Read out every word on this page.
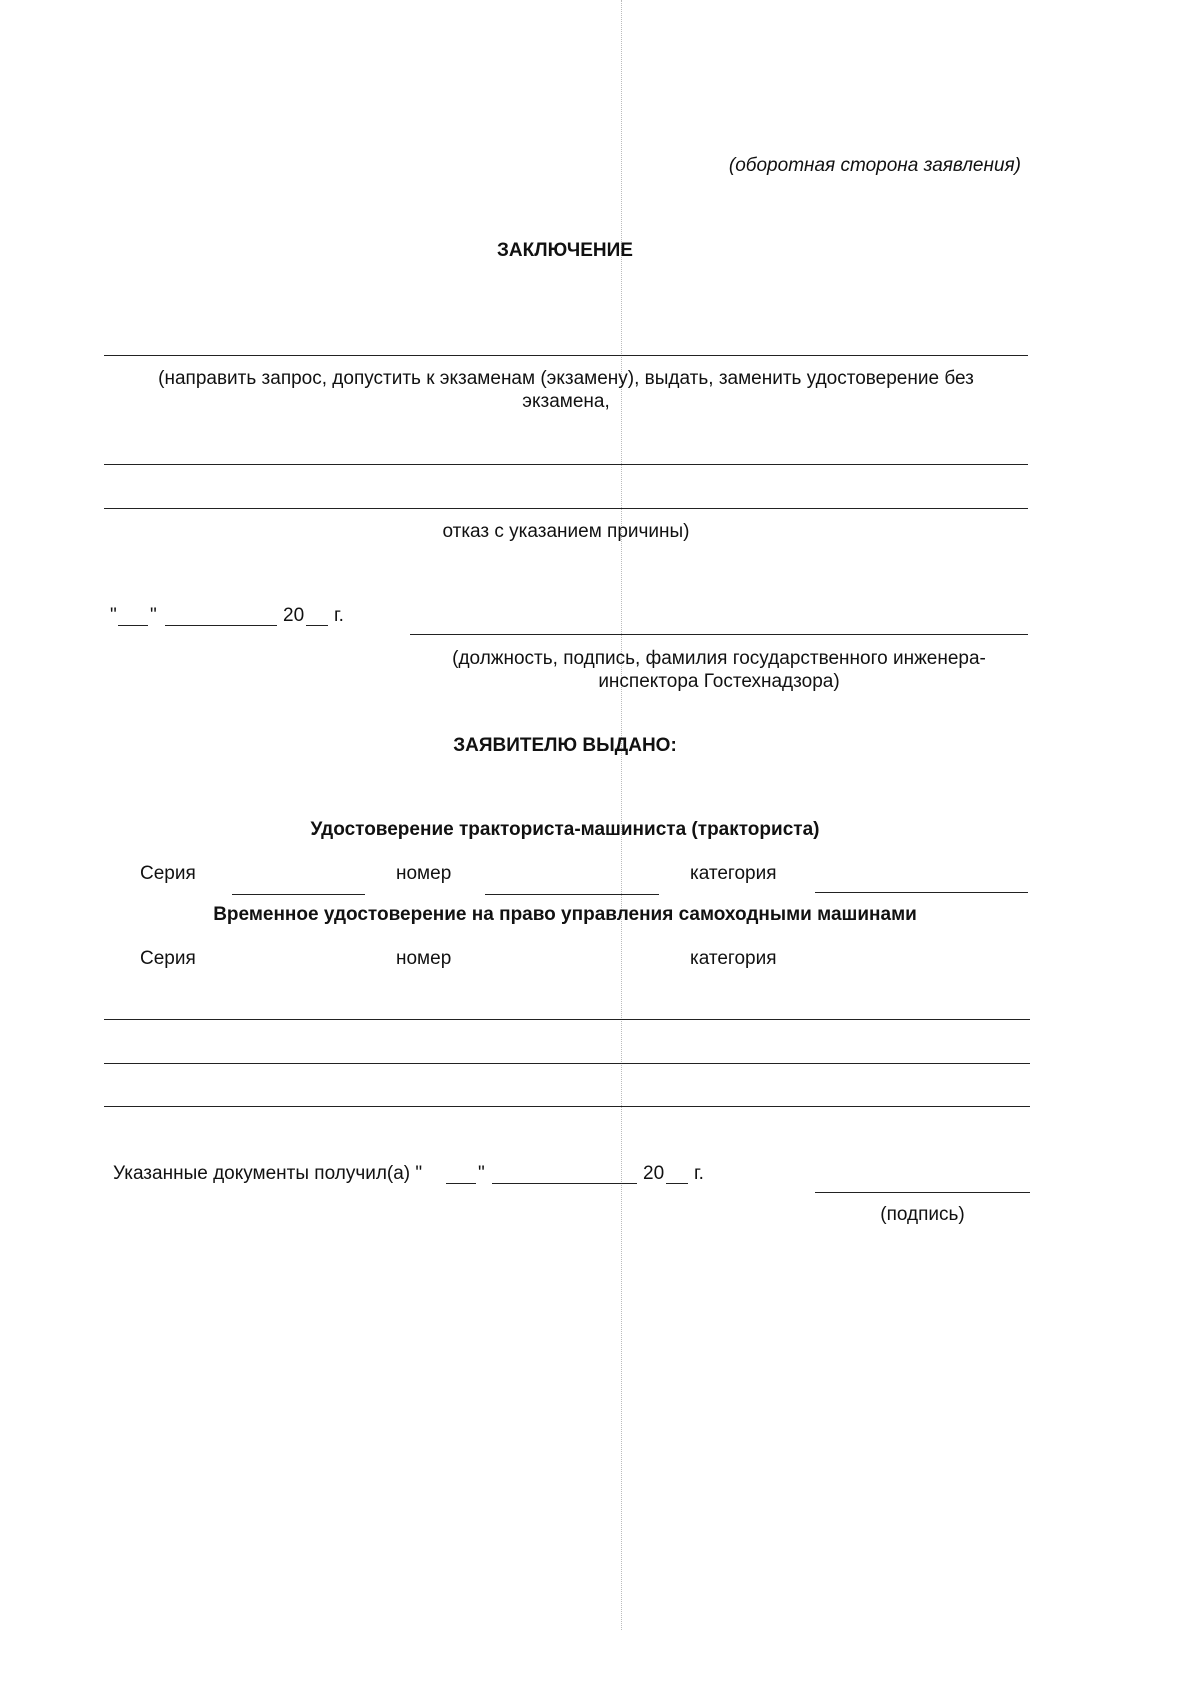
(оборотная сторона заявления)
ЗАКЛЮЧЕНИЕ
(направить запрос, допустить к экзаменам (экзамену), выдать, заменить удостоверение без
экзамена,
отказ с указанием причины)
" "	20 г.
(должность, подпись, фамилия государственного инженера-
инспектора Гостехнадзора)
ЗАЯВИТЕЛЮ ВЫДАНО:
Удостоверение тракториста-машиниста (тракториста)
Серия	номер	категория
Временное удостоверение на право управления самоходными машинами
Серия	номер	категория
Указанные документы получил(а) "	"	20 г.
(подпись)
